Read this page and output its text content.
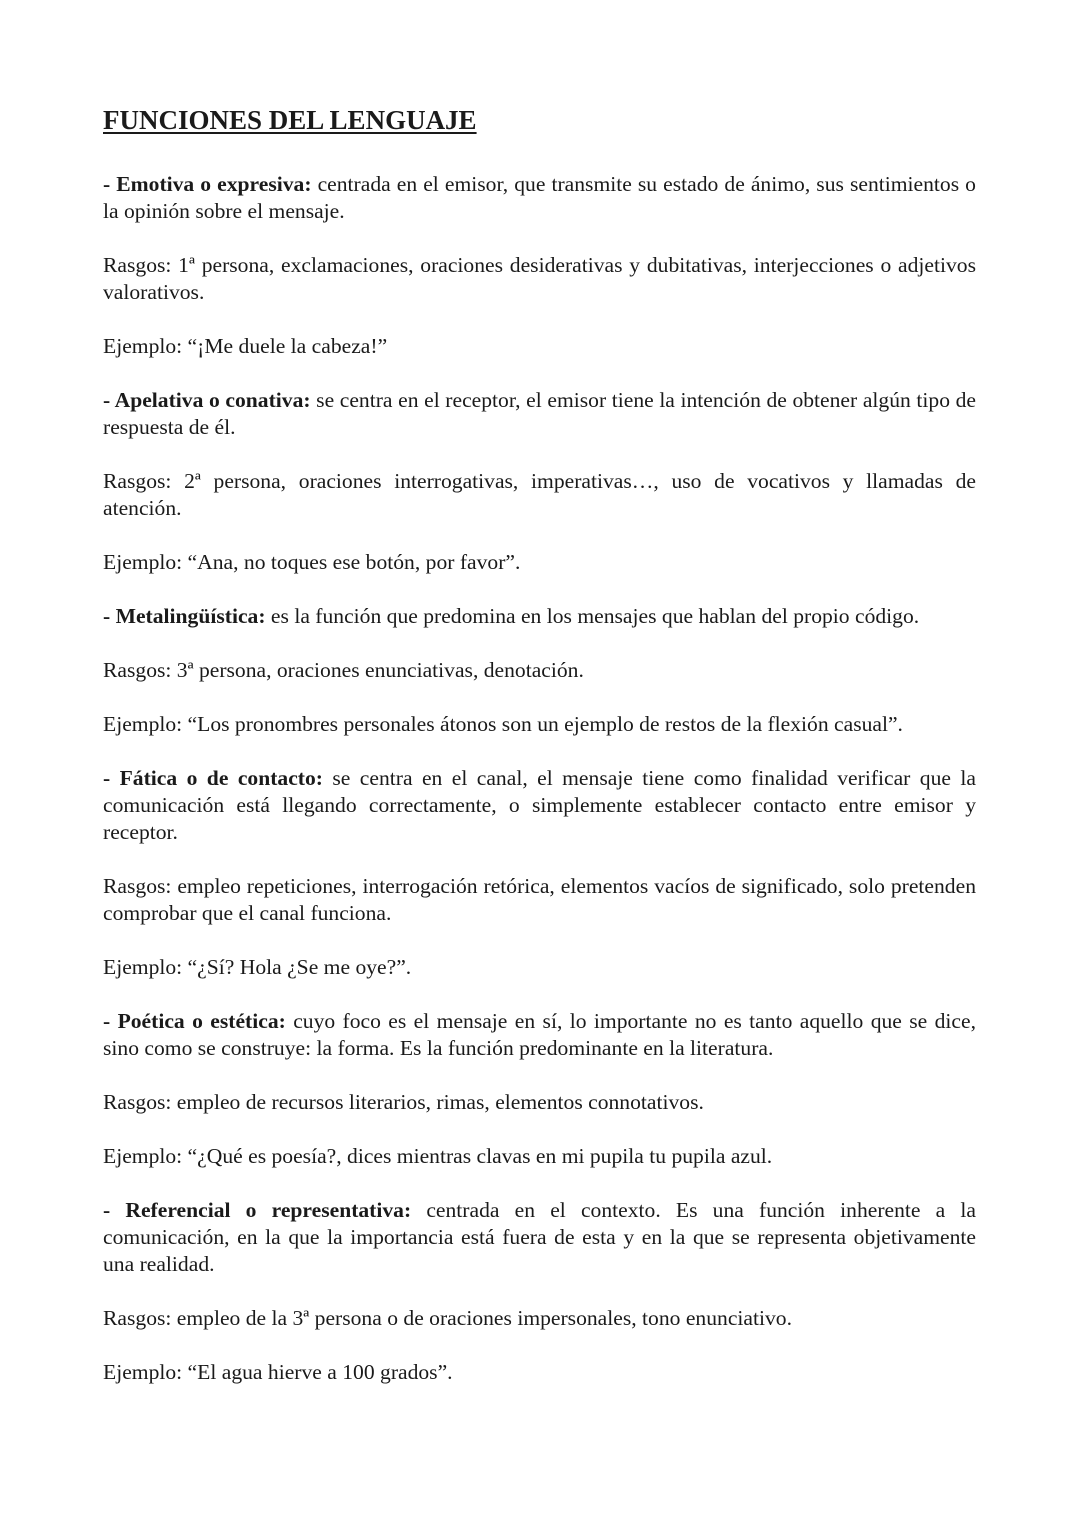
FUNCIONES DEL LENGUAJE

- Emotiva o expresiva: centrada en el emisor, que transmite su estado de ánimo, sus sentimientos o la opinión sobre el mensaje.

Rasgos: 1ª persona, exclamaciones, oraciones desiderativas y dubitativas, interjecciones o adjetivos valorativos.

Ejemplo: “¡Me duele la cabeza!”

- Apelativa o conativa: se centra en el receptor, el emisor tiene la intención de obtener algún tipo de respuesta de él.

Rasgos: 2ª persona, oraciones interrogativas, imperativas…, uso de vocativos y llamadas de atención.

Ejemplo: “Ana, no toques ese botón, por favor”.

- Metalingüística: es la función que predomina en los mensajes que hablan del propio código.

Rasgos: 3ª persona, oraciones enunciativas, denotación.

Ejemplo: “Los pronombres personales átonos son un ejemplo de restos de la flexión casual”.

- Fática o de contacto: se centra en el canal, el mensaje tiene como finalidad verificar que la comunicación está llegando correctamente, o simplemente establecer contacto entre emisor y receptor.

Rasgos: empleo repeticiones, interrogación retórica, elementos vacíos de significado, solo pretenden comprobar que el canal funciona.

Ejemplo: “¿Sí? Hola ¿Se me oye?”.

- Poética o estética: cuyo foco es el mensaje en sí, lo importante no es tanto aquello que se dice, sino como se construye: la forma. Es la función predominante en la literatura.

Rasgos: empleo de recursos literarios, rimas, elementos connotativos.

Ejemplo: “¿Qué es poesía?, dices mientras clavas en mi pupila tu pupila azul.

- Referencial o representativa: centrada en el contexto. Es una función inherente a la comunicación, en la que la importancia está fuera de esta y en la que se representa objetivamente una realidad.

Rasgos: empleo de la 3ª persona o de oraciones impersonales, tono enunciativo.

Ejemplo: “El agua hierve a 100 grados”.
